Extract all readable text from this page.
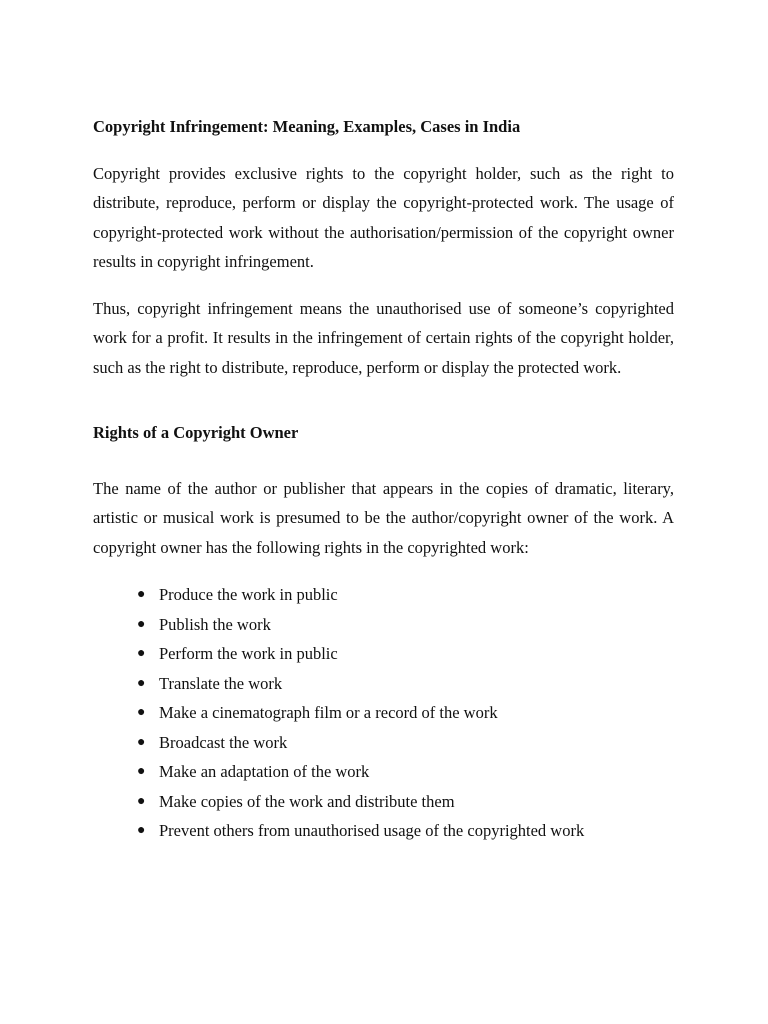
Copyright Infringement: Meaning, Examples, Cases in India

Copyright provides exclusive rights to the copyright holder, such as the right to distribute, reproduce, perform or display the copyright-protected work. The usage of copyright-protected work without the authorisation/permission of the copyright owner results in copyright infringement.

Thus, copyright infringement means the unauthorised use of someone’s copyrighted work for a profit. It results in the infringement of certain rights of the copyright holder, such as the right to distribute, reproduce, perform or display the protected work.

Rights of a Copyright Owner

The name of the author or publisher that appears in the copies of dramatic, literary, artistic or musical work is presumed to be the author/copyright owner of the work. A copyright owner has the following rights in the copyrighted work:

● Produce the work in public
● Publish the work
● Perform the work in public
● Translate the work
● Make a cinematograph film or a record of the work
● Broadcast the work
● Make an adaptation of the work
● Make copies of the work and distribute them
● Prevent others from unauthorised usage of the copyrighted work
